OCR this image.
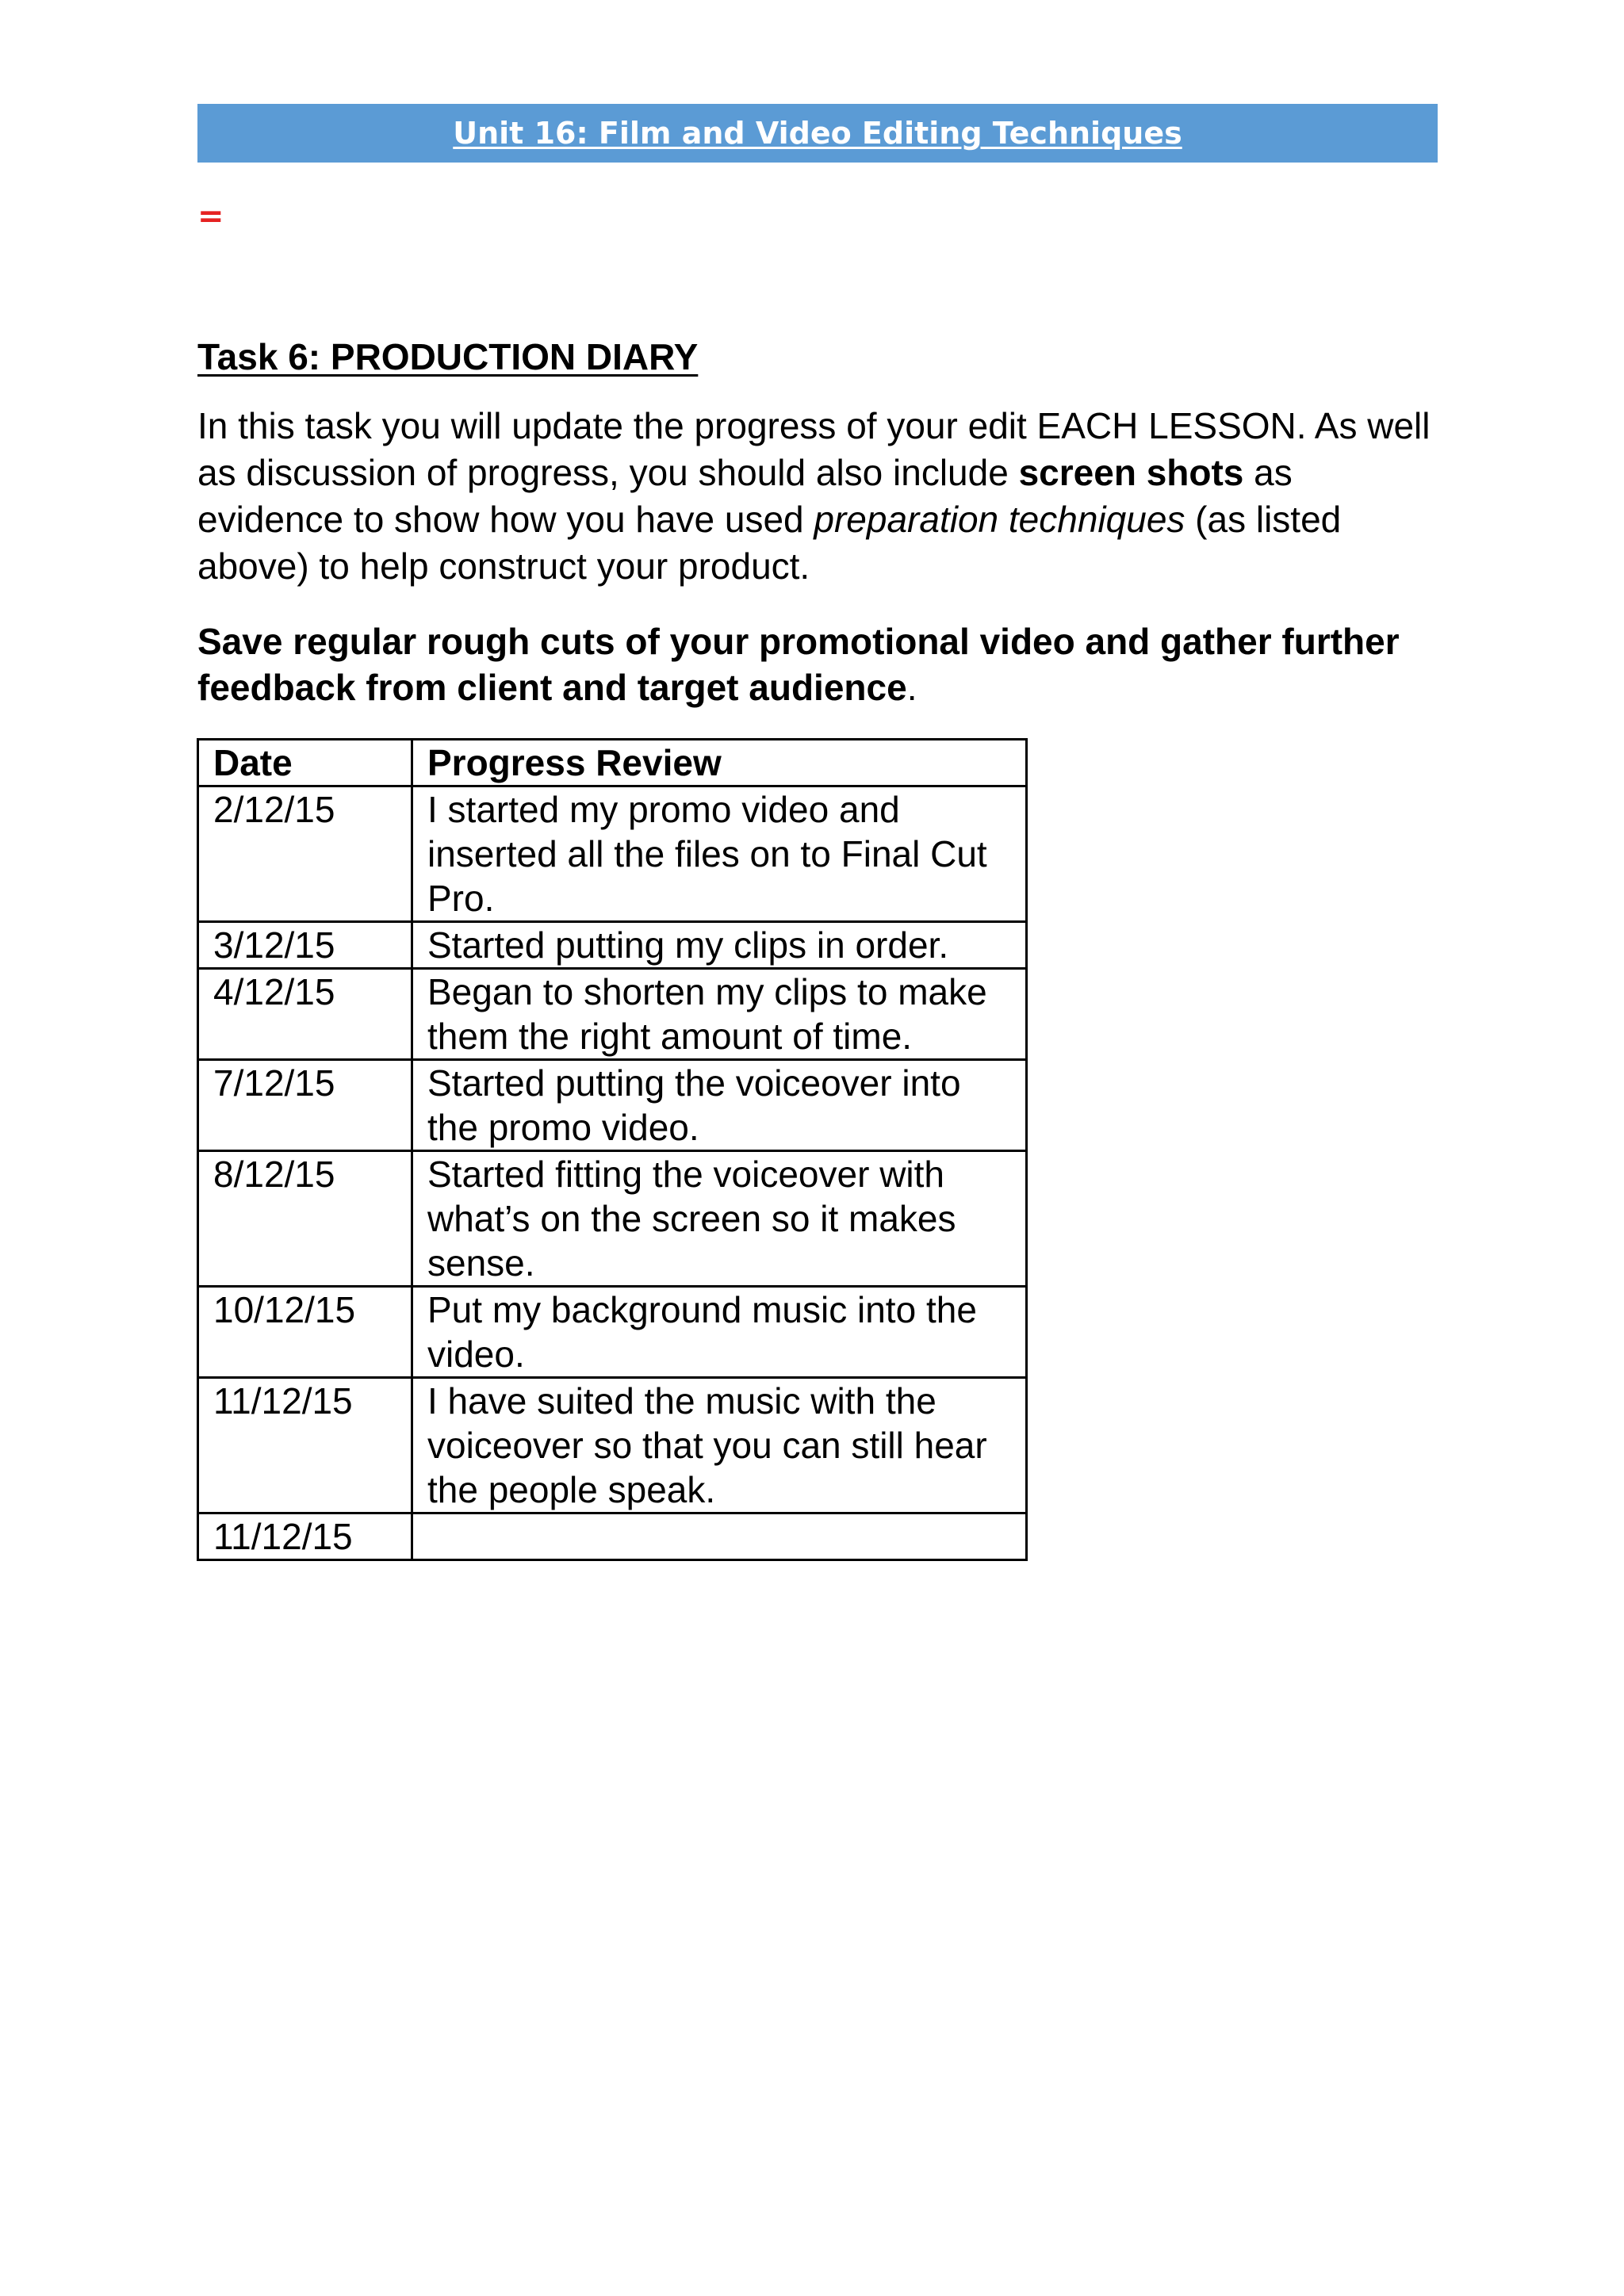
Unit 16: Film and Video Editing Techniques
=
Task 6: PRODUCTION DIARY

In this task you will update the progress of your edit EACH LESSON. As well as discussion of progress, you should also include screen shots as evidence to show how you have used preparation techniques (as listed above) to help construct your product.

Save regular rough cuts of your promotional video and gather further feedback from client and target audience.

Date	Progress Review
2/12/15	I started my promo video and inserted all the files on to Final Cut Pro.
3/12/15	Started putting my clips in order.
4/12/15	Began to shorten my clips to make them the right amount of time.
7/12/15	Started putting the voiceover into the promo video.
8/12/15	Started fitting the voiceover with what’s on the screen so it makes sense.
10/12/15	Put my background music into the video.
11/12/15	I have suited the music with the voiceover so that you can still hear the people speak.
11/12/15	
